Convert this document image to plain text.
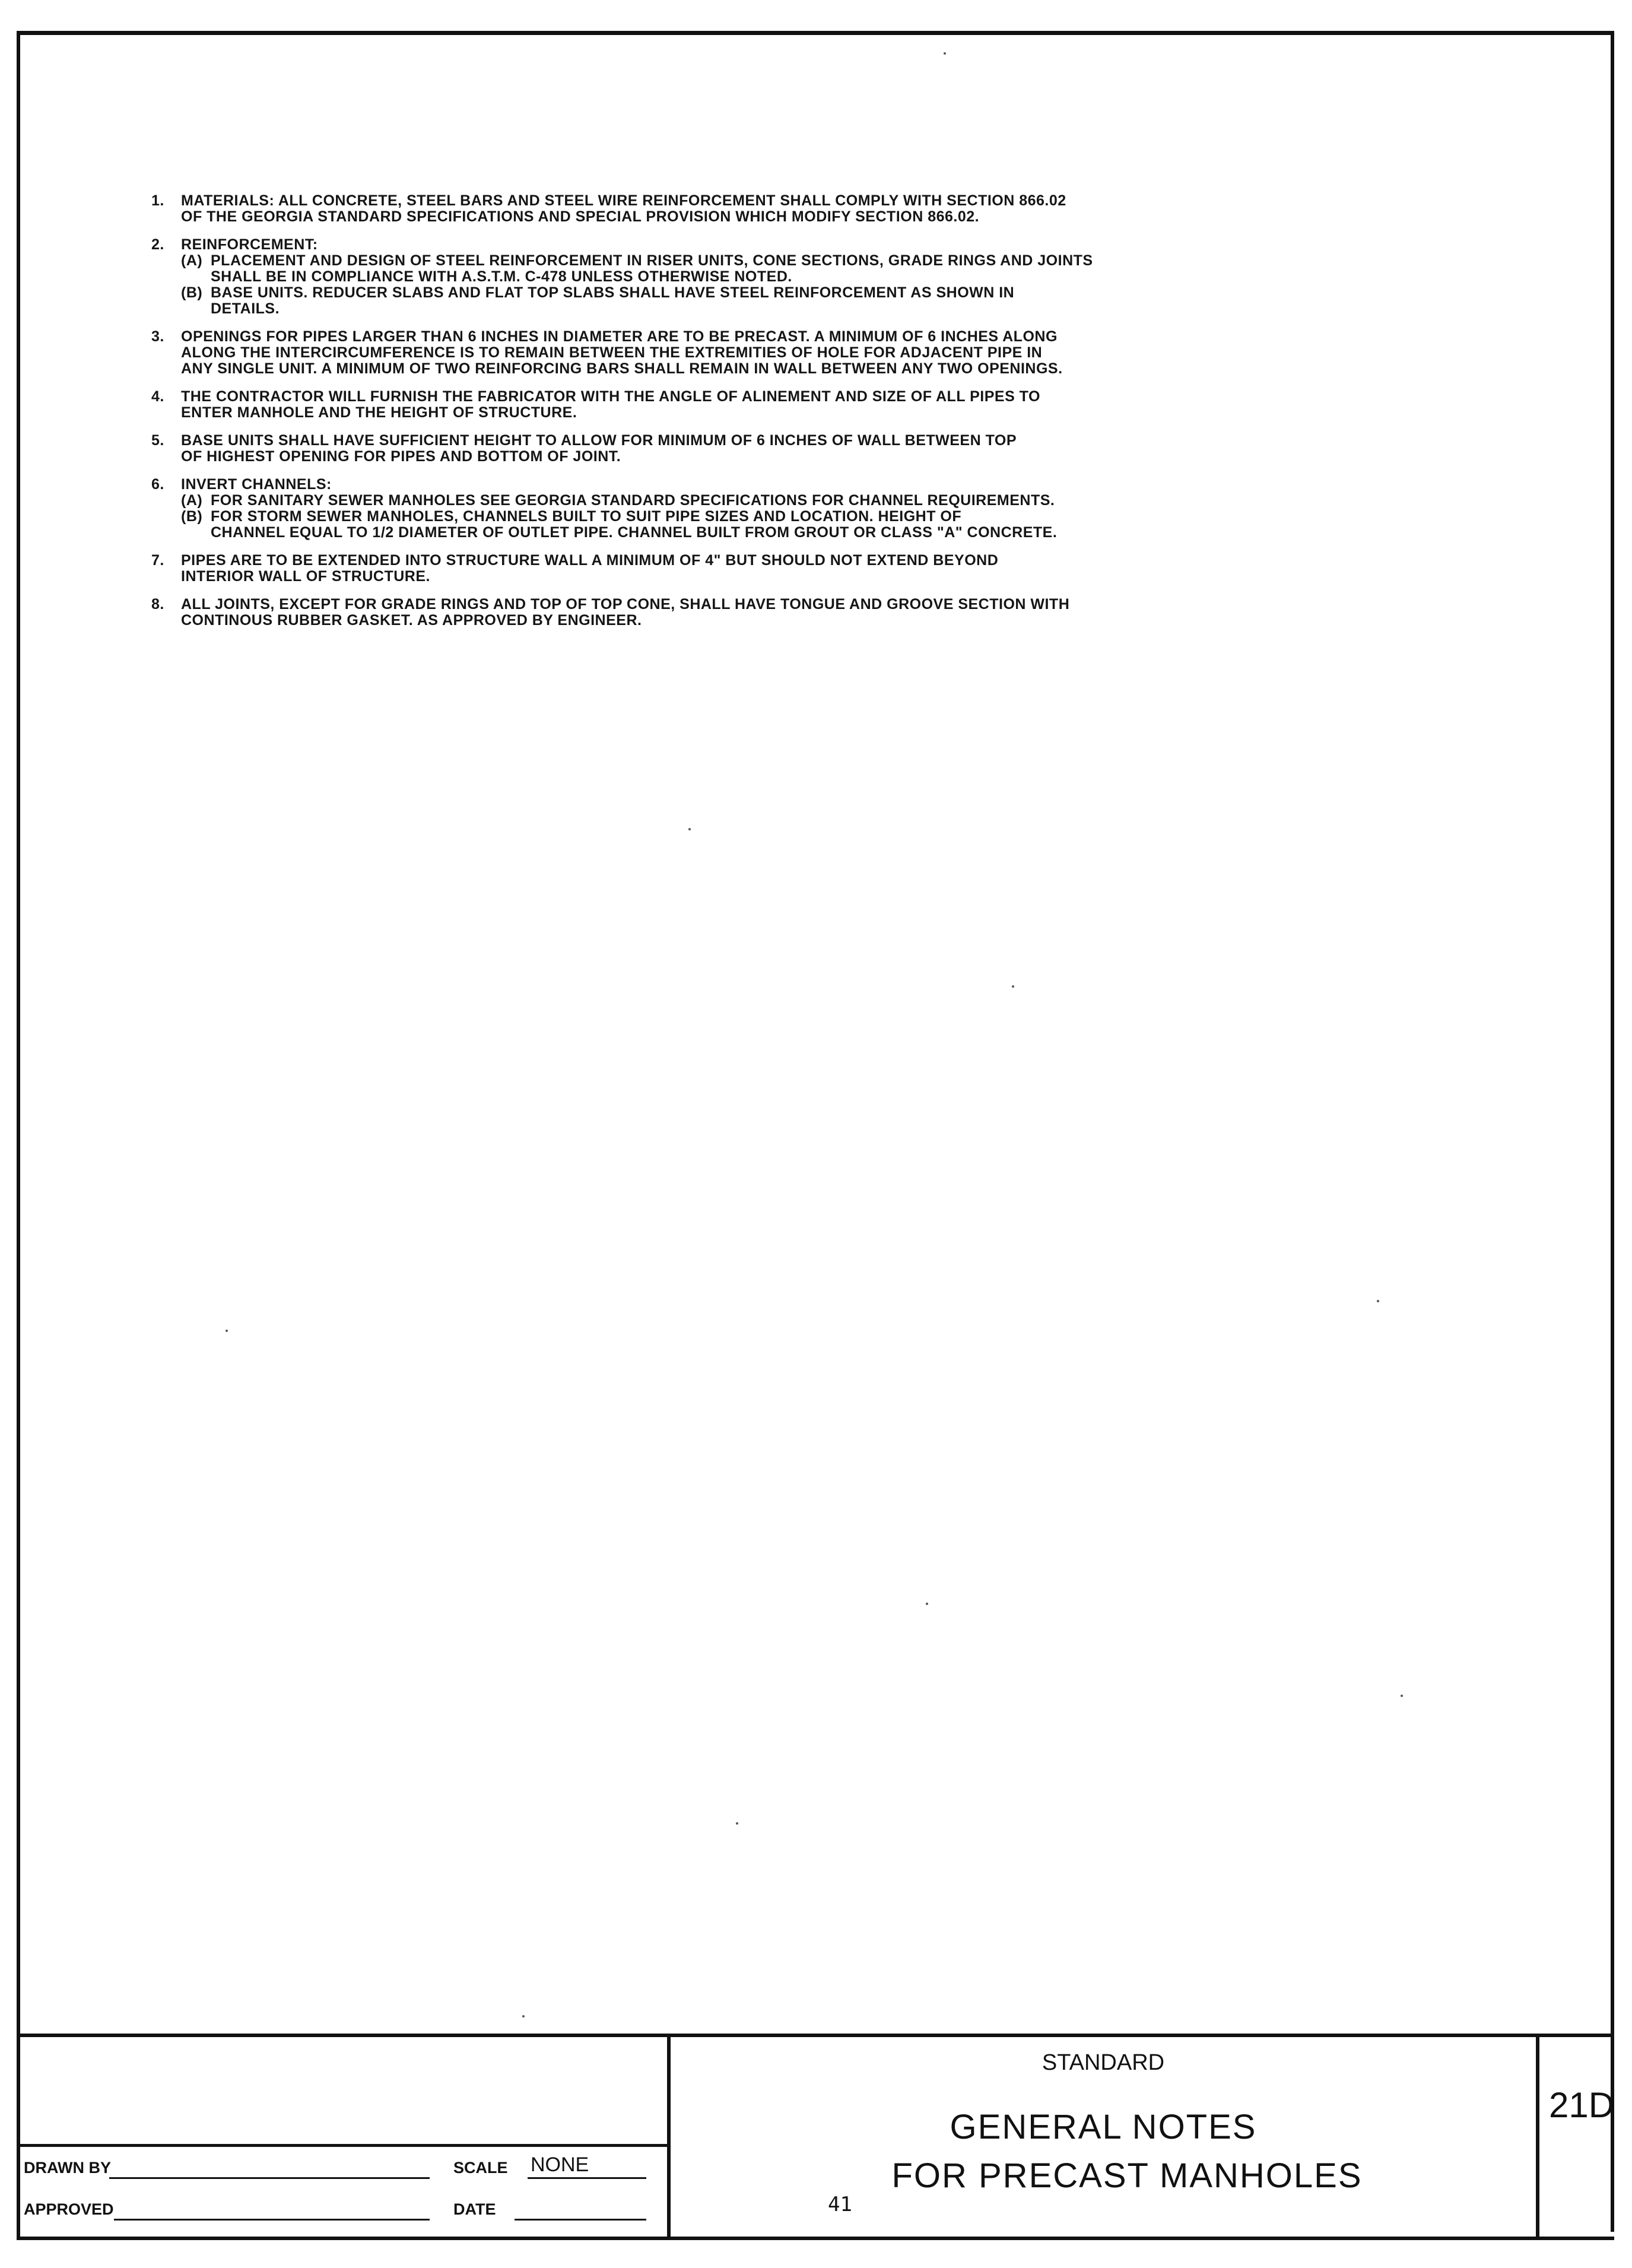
1. MATERIALS: ALL CONCRETE, STEEL BARS AND STEEL WIRE REINFORCEMENT SHALL COMPLY WITH SECTION 866.02
OF THE GEORGIA STANDARD SPECIFICATIONS AND SPECIAL PROVISION WHICH MODIFY SECTION 866.02.
2. REINFORCEMENT:
(A) PLACEMENT AND DESIGN OF STEEL REINFORCEMENT IN RISER UNITS, CONE SECTIONS, GRADE RINGS AND JOINTS
SHALL BE IN COMPLIANCE WITH A.S.T.M. C-478 UNLESS OTHERWISE NOTED.
(B) BASE UNITS. REDUCER SLABS AND FLAT TOP SLABS SHALL HAVE STEEL REINFORCEMENT AS SHOWN IN
DETAILS.
3. OPENINGS FOR PIPES LARGER THAN 6 INCHES IN DIAMETER ARE TO BE PRECAST. A MINIMUM OF 6 INCHES ALONG
ALONG THE INTERCIRCUMFERENCE IS TO REMAIN BETWEEN THE EXTREMITIES OF HOLE FOR ADJACENT PIPE IN
ANY SINGLE UNIT. A MINIMUM OF TWO REINFORCING BARS SHALL REMAIN IN WALL BETWEEN ANY TWO OPENINGS.
4. THE CONTRACTOR WILL FURNISH THE FABRICATOR WITH THE ANGLE OF ALINEMENT AND SIZE OF ALL PIPES TO
ENTER MANHOLE AND THE HEIGHT OF STRUCTURE.
5. BASE UNITS SHALL HAVE SUFFICIENT HEIGHT TO ALLOW FOR MINIMUM OF 6 INCHES OF WALL BETWEEN TOP
OF HIGHEST OPENING FOR PIPES AND BOTTOM OF JOINT.
6. INVERT CHANNELS:
(A) FOR SANITARY SEWER MANHOLES SEE GEORGIA STANDARD SPECIFICATIONS FOR CHANNEL REQUIREMENTS.
(B) FOR STORM SEWER MANHOLES, CHANNELS BUILT TO SUIT PIPE SIZES AND LOCATION. HEIGHT OF
CHANNEL EQUAL TO 1/2 DIAMETER OF OUTLET PIPE. CHANNEL BUILT FROM GROUT OR CLASS "A" CONCRETE.
7. PIPES ARE TO BE EXTENDED INTO STRUCTURE WALL A MINIMUM OF 4" BUT SHOULD NOT EXTEND BEYOND
INTERIOR WALL OF STRUCTURE.
8. ALL JOINTS, EXCEPT FOR GRADE RINGS AND TOP OF TOP CONE, SHALL HAVE TONGUE AND GROOVE SECTION WITH
CONTINOUS RUBBER GASKET. AS APPROVED BY ENGINEER.
DRAWN BY	SCALE NONE
APPROVED	DATE
STANDARD
GENERAL NOTES
FOR PRECAST MANHOLES
41
21D
